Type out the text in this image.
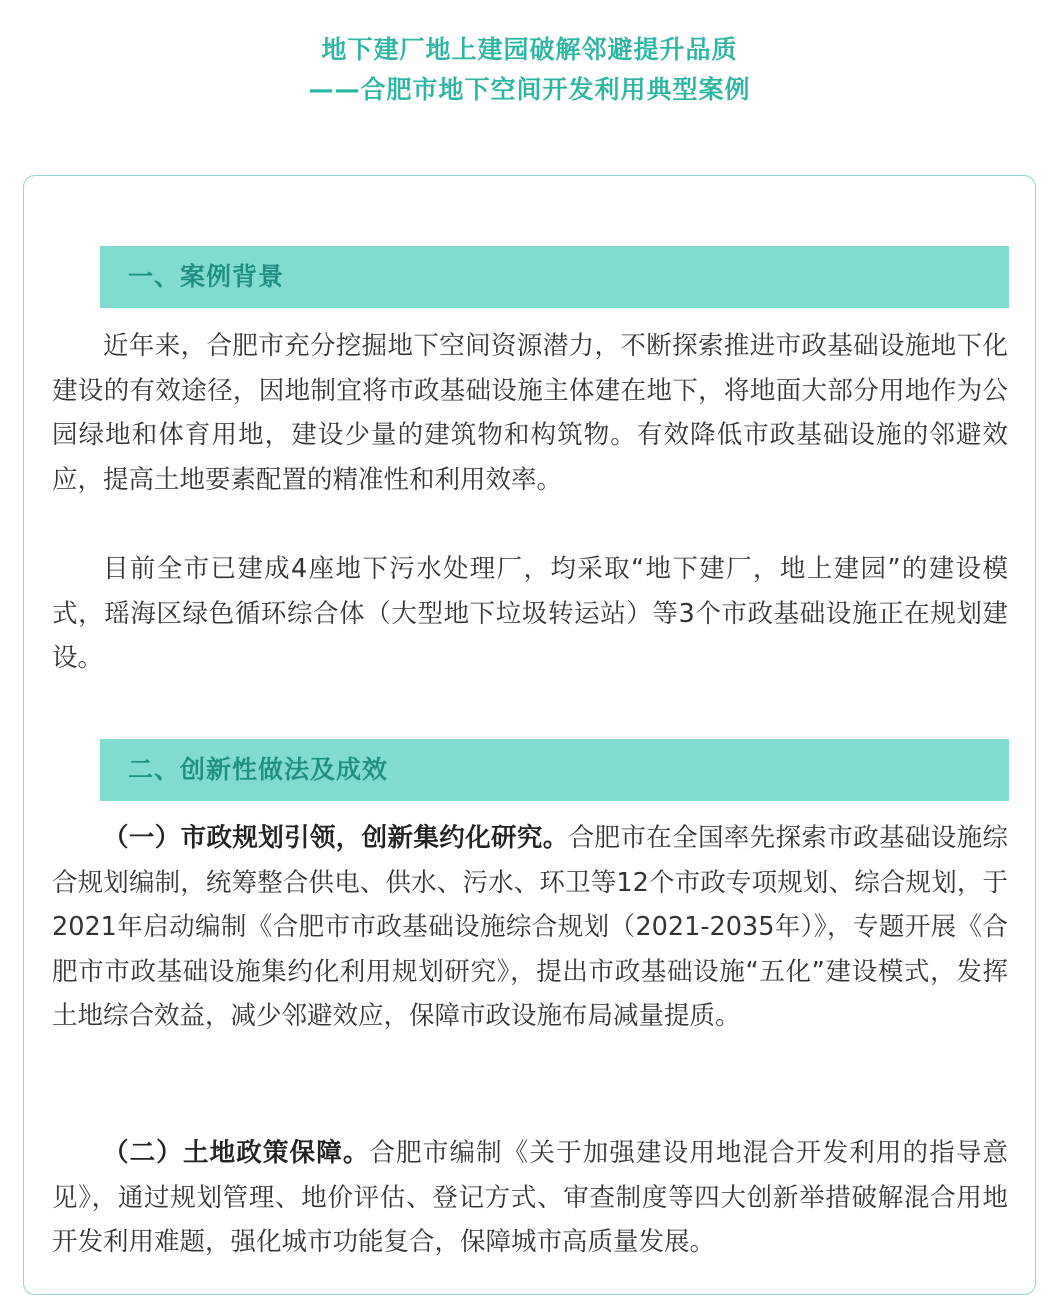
地下建厂地上建园破解邻避提升品质
——合肥市地下空间开发利用典型案例
一、案例背景

近年来，合肥市充分挖掘地下空间资源潜力，不断探索推进市政基础设施地下化建设的有效途径，因地制宜将市政基础设施主体建在地下，将地面大部分用地作为公园绿地和体育用地，建设少量的建筑物和构筑物。有效降低市政基础设施的邻避效应，提高土地要素配置的精准性和利用效率。

目前全市已建成4座地下污水处理厂，均采取“地下建厂，地上建园”的建设模式，瑶海区绿色循环综合体（大型地下垃圾转运站）等3个市政基础设施正在规划建设。

二、创新性做法及成效

（一）市政规划引领，创新集约化研究。合肥市在全国率先探索市政基础设施综合规划编制，统筹整合供电、供水、污水、环卫等12个市政专项规划、综合规划，于2021年启动编制《合肥市市政基础设施综合规划（2021-2035年）》，专题开展《合肥市市政基础设施集约化利用规划研究》，提出市政基础设施“五化”建设模式，发挥土地综合效益，减少邻避效应，保障市政设施布局减量提质。

（二）土地政策保障。合肥市编制《关于加强建设用地混合开发利用的指导意见》，通过规划管理、地价评估、登记方式、审查制度等四大创新举措破解混合用地开发利用难题，强化城市功能复合，保障城市高质量发展。
